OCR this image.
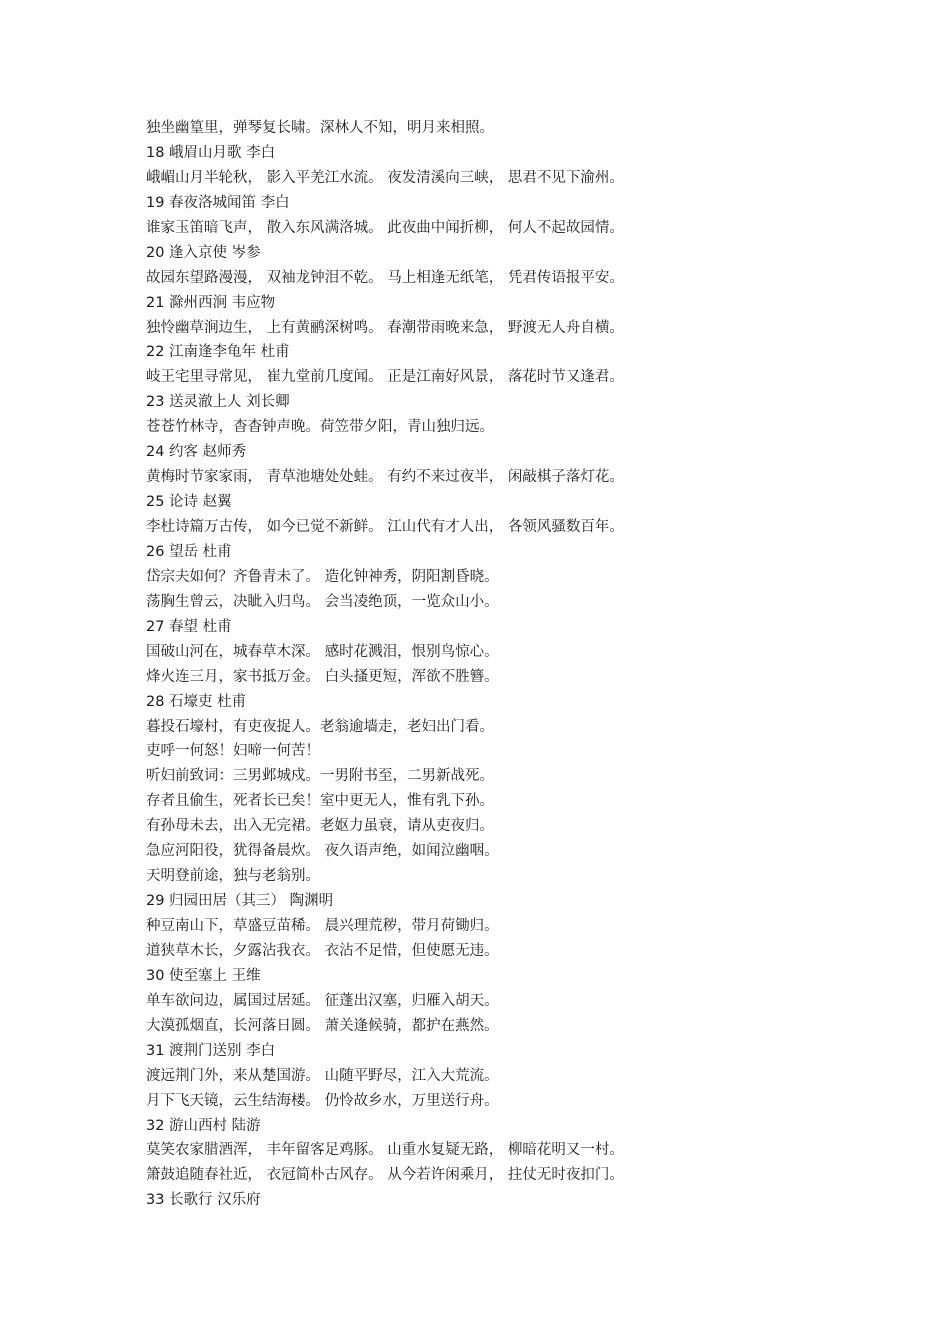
独坐幽篁里，弹琴复长啸。深林人不知，明月来相照。
18 峨眉山月歌 李白
峨嵋山月半轮秋， 影入平羌江水流。 夜发清溪向三峡， 思君不见下渝州。
19 春夜洛城闻笛 李白
谁家玉笛暗飞声， 散入东风满洛城。 此夜曲中闻折柳， 何人不起故园情。
20 逢入京使 岑参
故园东望路漫漫， 双袖龙钟泪不乾。 马上相逢无纸笔， 凭君传语报平安。
21 滁州西涧 韦应物
独怜幽草涧边生， 上有黄鹂深树鸣。 春潮带雨晚来急， 野渡无人舟自横。
22 江南逢李龟年 杜甫
岐王宅里寻常见， 崔九堂前几度闻。 正是江南好风景， 落花时节又逢君。
23 送灵澈上人 刘长卿
苍苍竹林寺，杳杳钟声晚。荷笠带夕阳，青山独归远。
24 约客 赵师秀
黄梅时节家家雨， 青草池塘处处蛙。 有约不来过夜半， 闲敲棋子落灯花。
25 论诗 赵翼
李杜诗篇万古传， 如今已觉不新鲜。 江山代有才人出， 各领风骚数百年。
26 望岳 杜甫
岱宗夫如何？齐鲁青未了。 造化钟神秀，阴阳割昏晓。
荡胸生曾云，决眦入归鸟。 会当凌绝顶，一览众山小。
27 春望 杜甫
国破山河在，城春草木深。 感时花溅泪，恨别鸟惊心。
烽火连三月，家书抵万金。 白头搔更短，浑欲不胜簪。
28 石壕吏 杜甫
暮投石壕村，有吏夜捉人。老翁逾墙走，老妇出门看。
吏呼一何怒！妇啼一何苦！
听妇前致词：三男邺城戍。一男附书至，二男新战死。
存者且偷生，死者长已矣！室中更无人，惟有乳下孙。
有孙母未去，出入无完裙。老妪力虽衰，请从吏夜归。
急应河阳役，犹得备晨炊。 夜久语声绝，如闻泣幽咽。
天明登前途，独与老翁别。
29 归园田居（其三） 陶渊明
种豆南山下，草盛豆苗稀。 晨兴理荒秽，带月荷锄归。
道狭草木长，夕露沾我衣。 衣沾不足惜，但使愿无违。
30 使至塞上 王维
单车欲问边，属国过居延。 征蓬出汉塞，归雁入胡天。
大漠孤烟直，长河落日圆。 萧关逢候骑，都护在燕然。
31 渡荆门送别 李白
渡远荆门外，来从楚国游。 山随平野尽，江入大荒流。
月下飞天镜，云生结海楼。 仍怜故乡水，万里送行舟。
32 游山西村 陆游
莫笑农家腊酒浑， 丰年留客足鸡豚。 山重水复疑无路， 柳暗花明又一村。
箫鼓追随春社近， 衣冠简朴古风存。 从今若许闲乘月， 拄仗无时夜扣门。
33 长歌行 汉乐府
